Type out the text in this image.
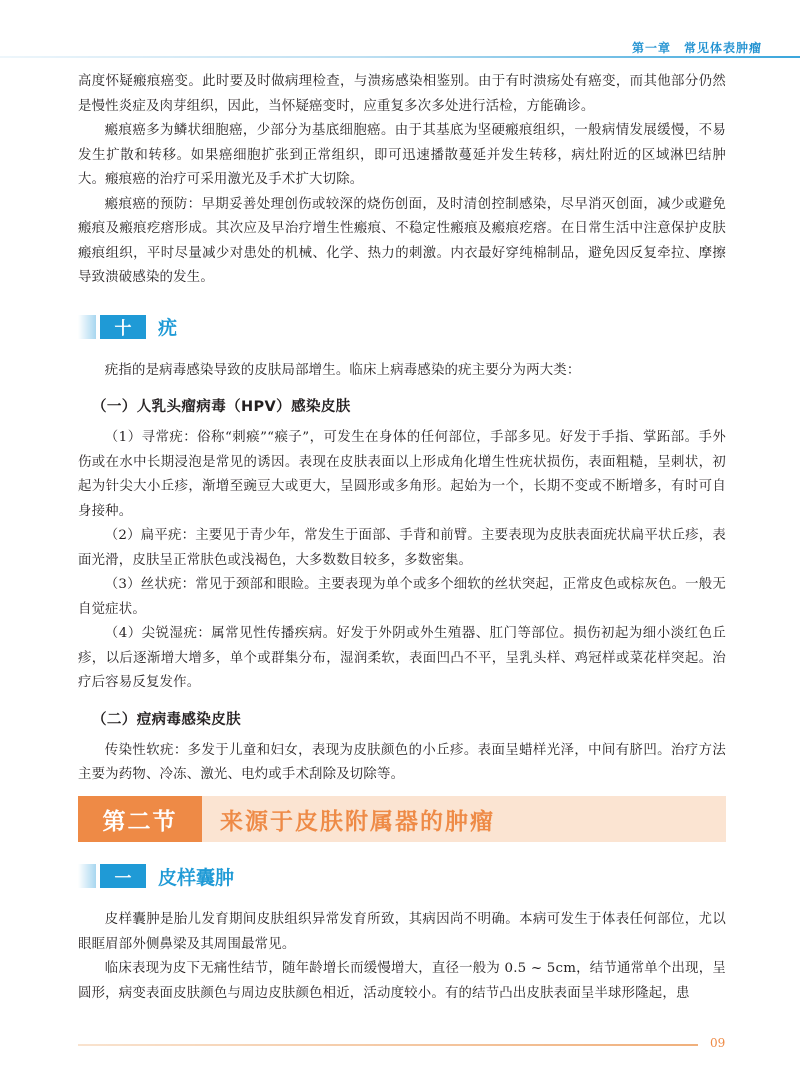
第一章　常见体表肿瘤

高度怀疑瘢痕癌变。此时要及时做病理检查，与溃疡感染相鉴别。由于有时溃疡处有癌变，而其他部分仍然是慢性炎症及肉芽组织，因此，当怀疑癌变时，应重复多次多处进行活检，方能确诊。

瘢痕癌多为鳞状细胞癌，少部分为基底细胞癌。由于其基底为坚硬瘢痕组织，一般病情发展缓慢，不易发生扩散和转移。如果癌细胞扩张到正常组织，即可迅速播散蔓延并发生转移，病灶附近的区域淋巴结肿大。瘢痕癌的治疗可采用激光及手术扩大切除。

瘢痕癌的预防：早期妥善处理创伤或较深的烧伤创面，及时清创控制感染，尽早消灭创面，减少或避免瘢痕及瘢痕疙瘩形成。其次应及早治疗增生性瘢痕、不稳定性瘢痕及瘢痕疙瘩。在日常生活中注意保护皮肤瘢痕组织，平时尽量减少对患处的机械、化学、热力的刺激。内衣最好穿纯棉制品，避免因反复牵拉、摩擦导致溃破感染的发生。

十	疣

疣指的是病毒感染导致的皮肤局部增生。临床上病毒感染的疣主要分为两大类：

（一）人乳头瘤病毒（HPV）感染皮肤

（1）寻常疣：俗称“刺瘊”“瘊子”，可发生在身体的任何部位，手部多见。好发于手指、掌跖部。手外伤或在水中长期浸泡是常见的诱因。表现在皮肤表面以上形成角化增生性疣状损伤，表面粗糙，呈刺状，初起为针尖大小丘疹，渐增至豌豆大或更大，呈圆形或多角形。起始为一个，长期不变或不断增多，有时可自身接种。

（2）扁平疣：主要见于青少年，常发生于面部、手背和前臂。主要表现为皮肤表面疣状扁平状丘疹，表面光滑，皮肤呈正常肤色或浅褐色，大多数数目较多，多数密集。

（3）丝状疣：常见于颈部和眼睑。主要表现为单个或多个细软的丝状突起，正常皮色或棕灰色。一般无自觉症状。

（4）尖锐湿疣：属常见性传播疾病。好发于外阴或外生殖器、肛门等部位。损伤初起为细小淡红色丘疹，以后逐渐增大增多，单个或群集分布，湿润柔软，表面凹凸不平，呈乳头样、鸡冠样或菜花样突起。治疗后容易反复发作。

（二）痘病毒感染皮肤

传染性软疣：多发于儿童和妇女，表现为皮肤颜色的小丘疹。表面呈蜡样光泽，中间有脐凹。治疗方法主要为药物、冷冻、激光、电灼或手术刮除及切除等。

第二节	来源于皮肤附属器的肿瘤
一	皮样囊肿

皮样囊肿是胎儿发育期间皮肤组织异常发育所致，其病因尚不明确。本病可发生于体表任何部位，尤以眼眶眉部外侧鼻梁及其周围最常见。

临床表现为皮下无痛性结节，随年龄增长而缓慢增大，直径一般为 0.5 ~ 5cm，结节通常单个出现，呈圆形，病变表面皮肤颜色与周边皮肤颜色相近，活动度较小。有的结节凸出皮肤表面呈半球形隆起，患

09
